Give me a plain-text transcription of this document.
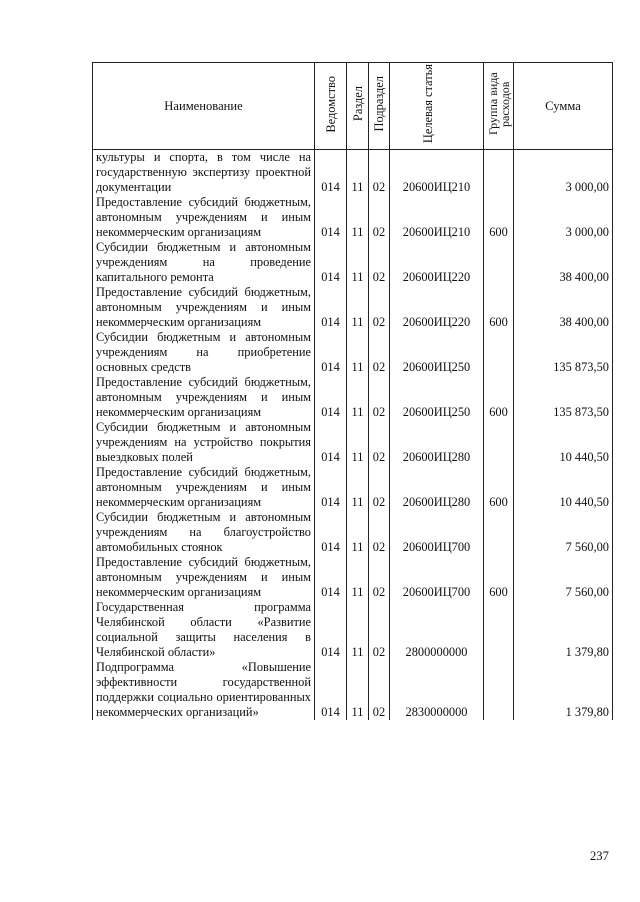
Наименование	Ведомство	Раздел	Подраздел	Целевая статья	Группа вида расходов	Сумма
культуры и спорта, в том числе на государственную экспертизу проектной документации	014	11	02	20600ИЦ210		3 000,00
Предоставление субсидий бюджетным, автономным учреждениям и иным некоммерческим организациям	014	11	02	20600ИЦ210	600	3 000,00
Субсидии бюджетным и автономным учреждениям на проведение капитального ремонта	014	11	02	20600ИЦ220		38 400,00
Предоставление субсидий бюджетным, автономным учреждениям и иным некоммерческим организациям	014	11	02	20600ИЦ220	600	38 400,00
Субсидии бюджетным и автономным учреждениям на приобретение основных средств	014	11	02	20600ИЦ250		135 873,50
Предоставление субсидий бюджетным, автономным учреждениям и иным некоммерческим организациям	014	11	02	20600ИЦ250	600	135 873,50
Субсидии бюджетным и автономным учреждениям на устройство покрытия выездковых полей	014	11	02	20600ИЦ280		10 440,50
Предоставление субсидий бюджетным, автономным учреждениям и иным некоммерческим организациям	014	11	02	20600ИЦ280	600	10 440,50
Субсидии бюджетным и автономным учреждениям на благоустройство автомобильных стоянок	014	11	02	20600ИЦ700		7 560,00
Предоставление субсидий бюджетным, автономным учреждениям и иным некоммерческим организациям	014	11	02	20600ИЦ700	600	7 560,00
Государственная программа Челябинской области «Развитие социальной защиты населения в Челябинской области»	014	11	02	2800000000		1 379,80
Подпрограмма «Повышение эффективности государственной поддержки социально ориентированных некоммерческих организаций»	014	11	02	2830000000		1 379,80
237
